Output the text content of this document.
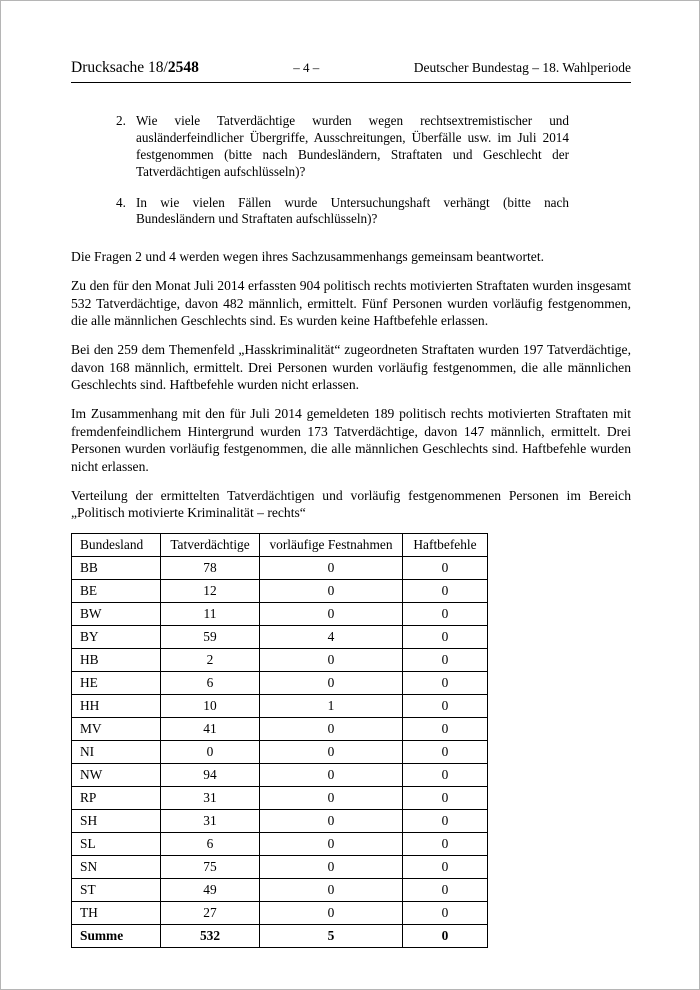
Drucksache 18/2548	– 4 –	Deutscher Bundestag – 18. Wahlperiode
2. Wie viele Tatverdächtige wurden wegen rechtsextremistischer und ausländerfeindlicher Übergriffe, Ausschreitungen, Überfälle usw. im Juli 2014 festgenommen (bitte nach Bundesländern, Straftaten und Geschlecht der Tatverdächtigen aufschlüsseln)?
4. In wie vielen Fällen wurde Untersuchungshaft verhängt (bitte nach Bundesländern und Straftaten aufschlüsseln)?

Die Fragen 2 und 4 werden wegen ihres Sachzusammenhangs gemeinsam beantwortet.

Zu den für den Monat Juli 2014 erfassten 904 politisch rechts motivierten Straftaten wurden insgesamt 532 Tatverdächtige, davon 482 männlich, ermittelt. Fünf Personen wurden vorläufig festgenommen, die alle männlichen Geschlechts sind. Es wurden keine Haftbefehle erlassen.

Bei den 259 dem Themenfeld „Hasskriminalität“ zugeordneten Straftaten wurden 197 Tatverdächtige, davon 168 männlich, ermittelt. Drei Personen wurden vorläufig festgenommen, die alle männlichen Geschlechts sind. Haftbefehle wurden nicht erlassen.

Im Zusammenhang mit den für Juli 2014 gemeldeten 189 politisch rechts motivierten Straftaten mit fremdenfeindlichem Hintergrund wurden 173 Tatverdächtige, davon 147 männlich, ermittelt. Drei Personen wurden vorläufig festgenommen, die alle männlichen Geschlechts sind. Haftbefehle wurden nicht erlassen.

Verteilung der ermittelten Tatverdächtigen und vorläufig festgenommenen Personen im Bereich „Politisch motivierte Kriminalität – rechts“

Bundesland	Tatverdächtige	vorläufige Festnahmen	Haftbefehle
BB	78	0	0
BE	12	0	0
BW	11	0	0
BY	59	4	0
HB	2	0	0
HE	6	0	0
HH	10	1	0
MV	41	0	0
NI	0	0	0
NW	94	0	0
RP	31	0	0
SH	31	0	0
SL	6	0	0
SN	75	0	0
ST	49	0	0
TH	27	0	0
Summe	532	5	0
